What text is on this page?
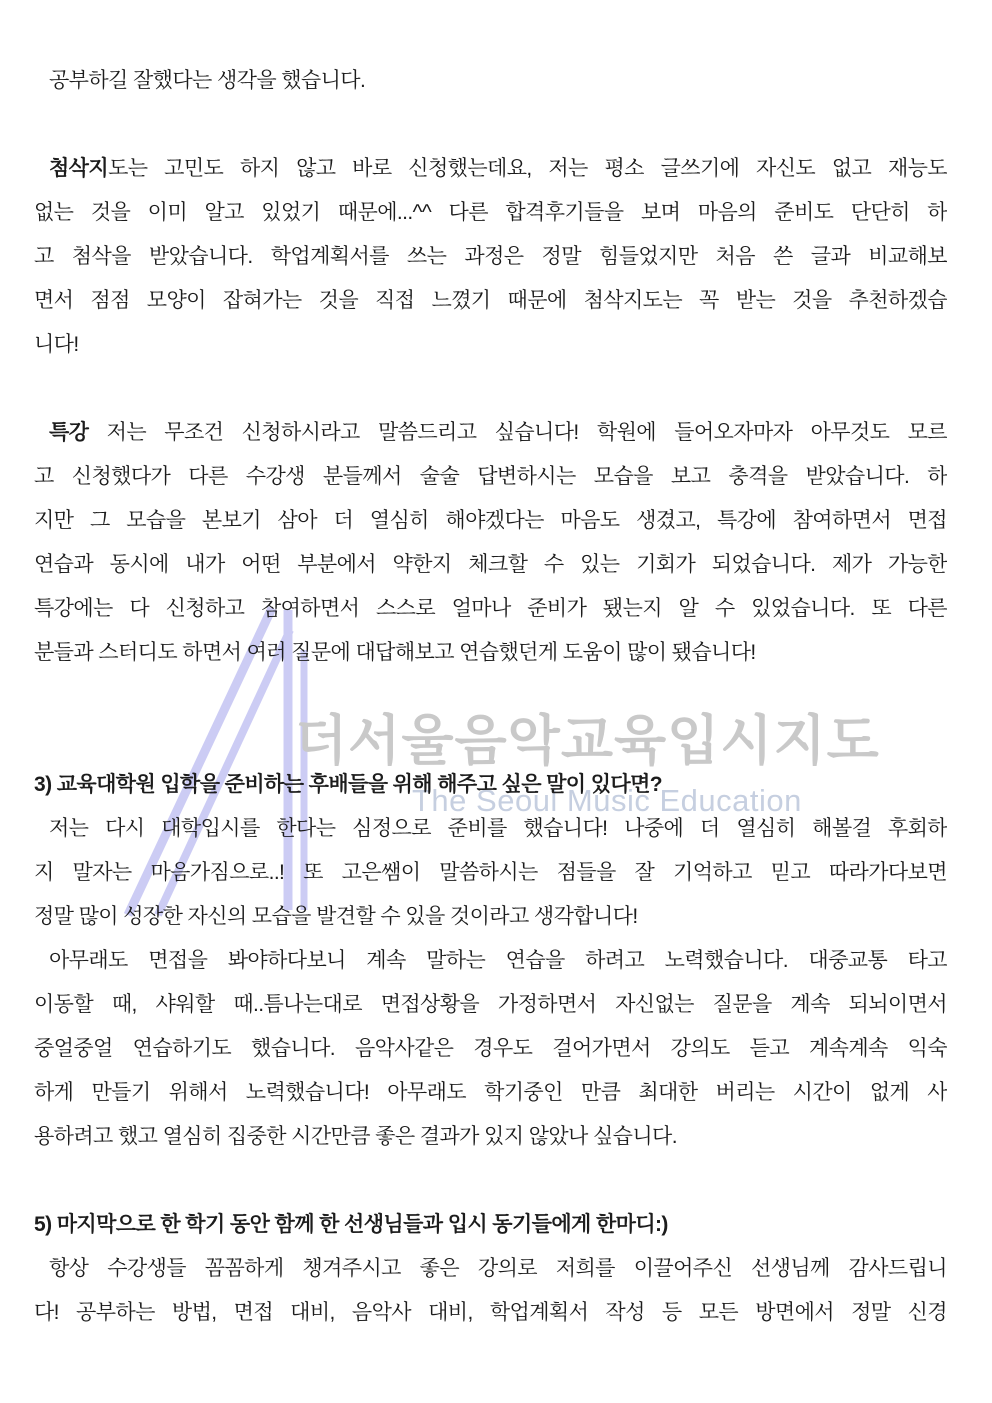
더서울음악교육입시지도
The Seoul Music Education
공부하길 잘했다는 생각을 했습니다.
첨삭지도는 고민도 하지 않고 바로 신청했는데요, 저는 평소 글쓰기에 자신도 없고 재능도
없는 것을 이미 알고 있었기 때문에...^^ 다른 합격후기들을 보며 마음의 준비도 단단히 하
고 첨삭을 받았습니다. 학업계획서를 쓰는 과정은 정말 힘들었지만 처음 쓴 글과 비교해보
면서 점점 모양이 잡혀가는 것을 직접 느꼈기 때문에 첨삭지도는 꼭 받는 것을 추천하겠습
니다!
특강 저는 무조건 신청하시라고 말씀드리고 싶습니다! 학원에 들어오자마자 아무것도 모르
고 신청했다가 다른 수강생 분들께서 술술 답변하시는 모습을 보고 충격을 받았습니다. 하
지만 그 모습을 본보기 삼아 더 열심히 해야겠다는 마음도 생겼고, 특강에 참여하면서 면접
연습과 동시에 내가 어떤 부분에서 약한지 체크할 수 있는 기회가 되었습니다. 제가 가능한
특강에는 다 신청하고 참여하면서 스스로 얼마나 준비가 됐는지 알 수 있었습니다. 또 다른
분들과 스터디도 하면서 여러 질문에 대답해보고 연습했던게 도움이 많이 됐습니다!
3) 교육대학원 입학을 준비하는 후배들을 위해 해주고 싶은 말이 있다면?
저는 다시 대학입시를 한다는 심정으로 준비를 했습니다! 나중에 더 열심히 해볼걸 후회하
지 말자는 마음가짐으로..! 또 고은쌤이 말씀하시는 점들을 잘 기억하고 믿고 따라가다보면
정말 많이 성장한 자신의 모습을 발견할 수 있을 것이라고 생각합니다!
아무래도 면접을 봐야하다보니 계속 말하는 연습을 하려고 노력했습니다. 대중교통 타고
이동할 때, 샤워할 때..틈나는대로 면접상황을 가정하면서 자신없는 질문을 계속 되뇌이면서
중얼중얼 연습하기도 했습니다. 음악사같은 경우도 걸어가면서 강의도 듣고 계속계속 익숙
하게 만들기 위해서 노력했습니다! 아무래도 학기중인 만큼 최대한 버리는 시간이 없게 사
용하려고 했고 열심히 집중한 시간만큼 좋은 결과가 있지 않았나 싶습니다.
5) 마지막으로 한 학기 동안 함께 한 선생님들과 입시 동기들에게 한마디:)
항상 수강생들 꼼꼼하게 챙겨주시고 좋은 강의로 저희를 이끌어주신 선생님께 감사드립니
다! 공부하는 방법, 면접 대비, 음악사 대비, 학업계획서 작성 등 모든 방면에서 정말 신경
